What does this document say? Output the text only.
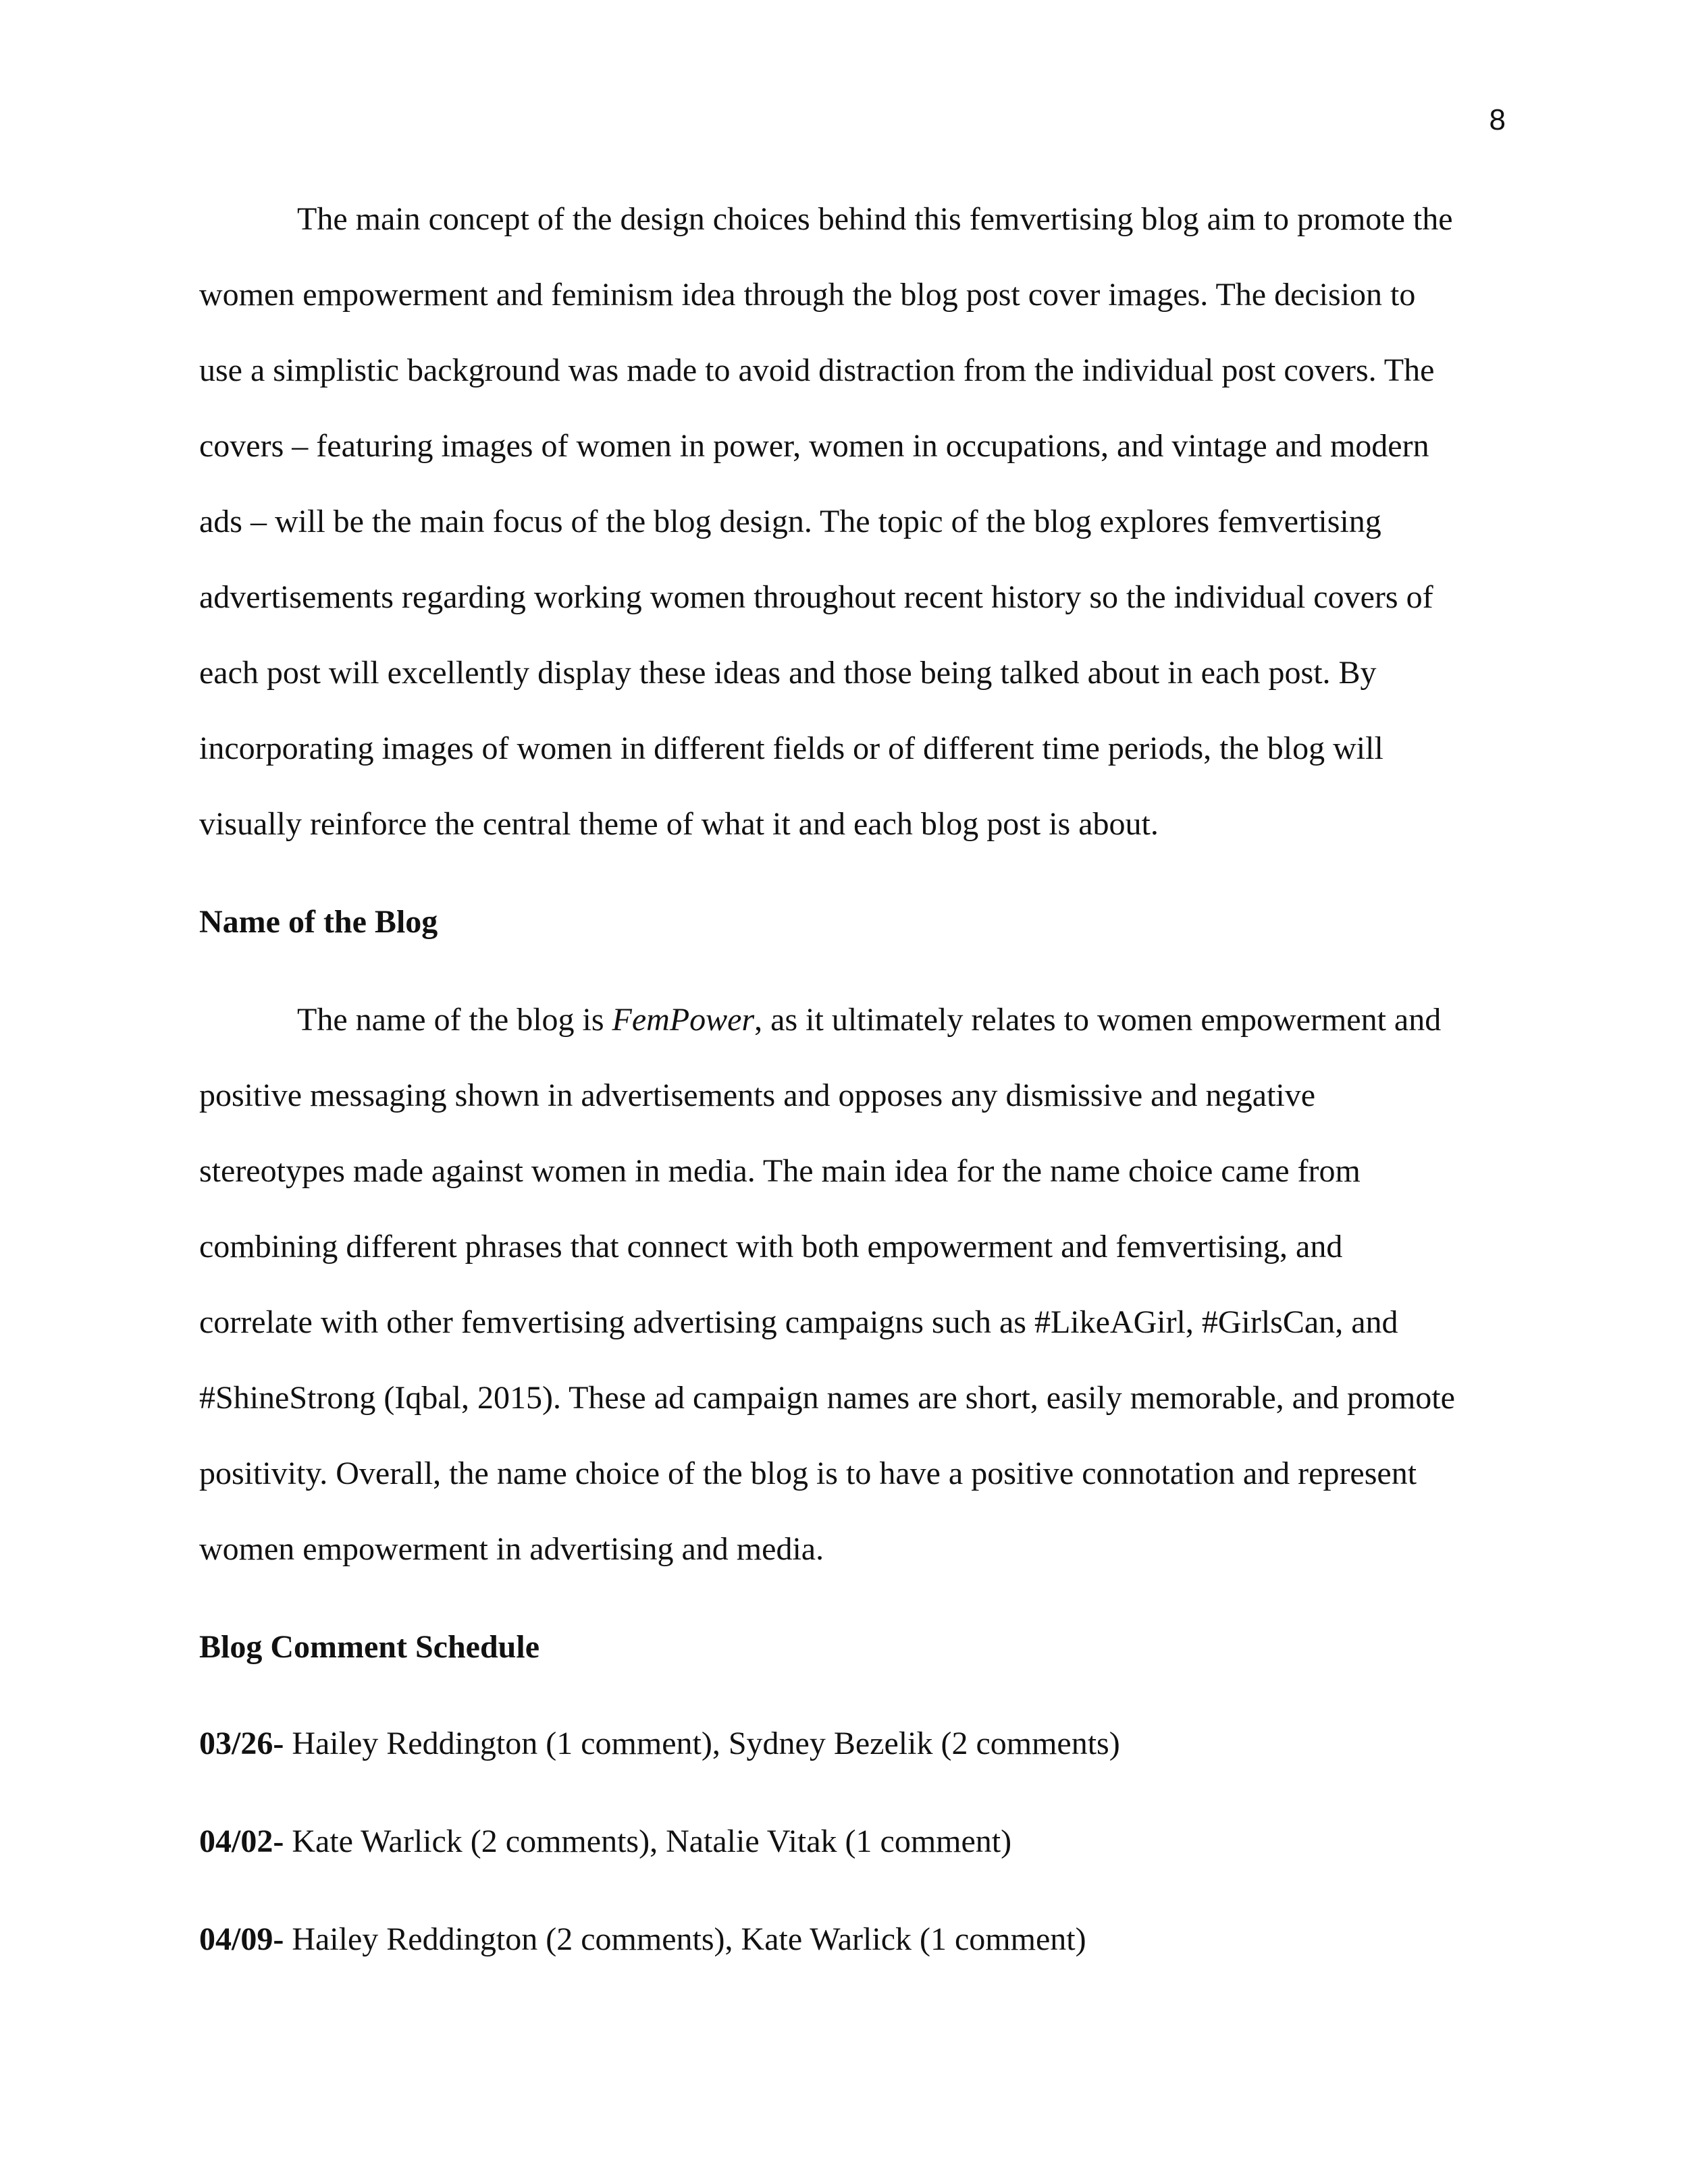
8
The main concept of the design choices behind this femvertising blog aim to promote the
women empowerment and feminism idea through the blog post cover images. The decision to
use a simplistic background was made to avoid distraction from the individual post covers. The
covers – featuring images of women in power, women in occupations, and vintage and modern
ads – will be the main focus of the blog design. The topic of the blog explores femvertising
advertisements regarding working women throughout recent history so the individual covers of
each post will excellently display these ideas and those being talked about in each post. By
incorporating images of women in different fields or of different time periods, the blog will
visually reinforce the central theme of what it and each blog post is about.
Name of the Blog
The name of the blog is FemPower, as it ultimately relates to women empowerment and
positive messaging shown in advertisements and opposes any dismissive and negative
stereotypes made against women in media. The main idea for the name choice came from
combining different phrases that connect with both empowerment and femvertising, and
correlate with other femvertising advertising campaigns such as #LikeAGirl, #GirlsCan, and
#ShineStrong (Iqbal, 2015). These ad campaign names are short, easily memorable, and promote
positivity. Overall, the name choice of the blog is to have a positive connotation and represent
women empowerment in advertising and media.
Blog Comment Schedule
03/26- Hailey Reddington (1 comment), Sydney Bezelik (2 comments)
04/02- Kate Warlick (2 comments), Natalie Vitak (1 comment)
04/09- Hailey Reddington (2 comments), Kate Warlick (1 comment)
